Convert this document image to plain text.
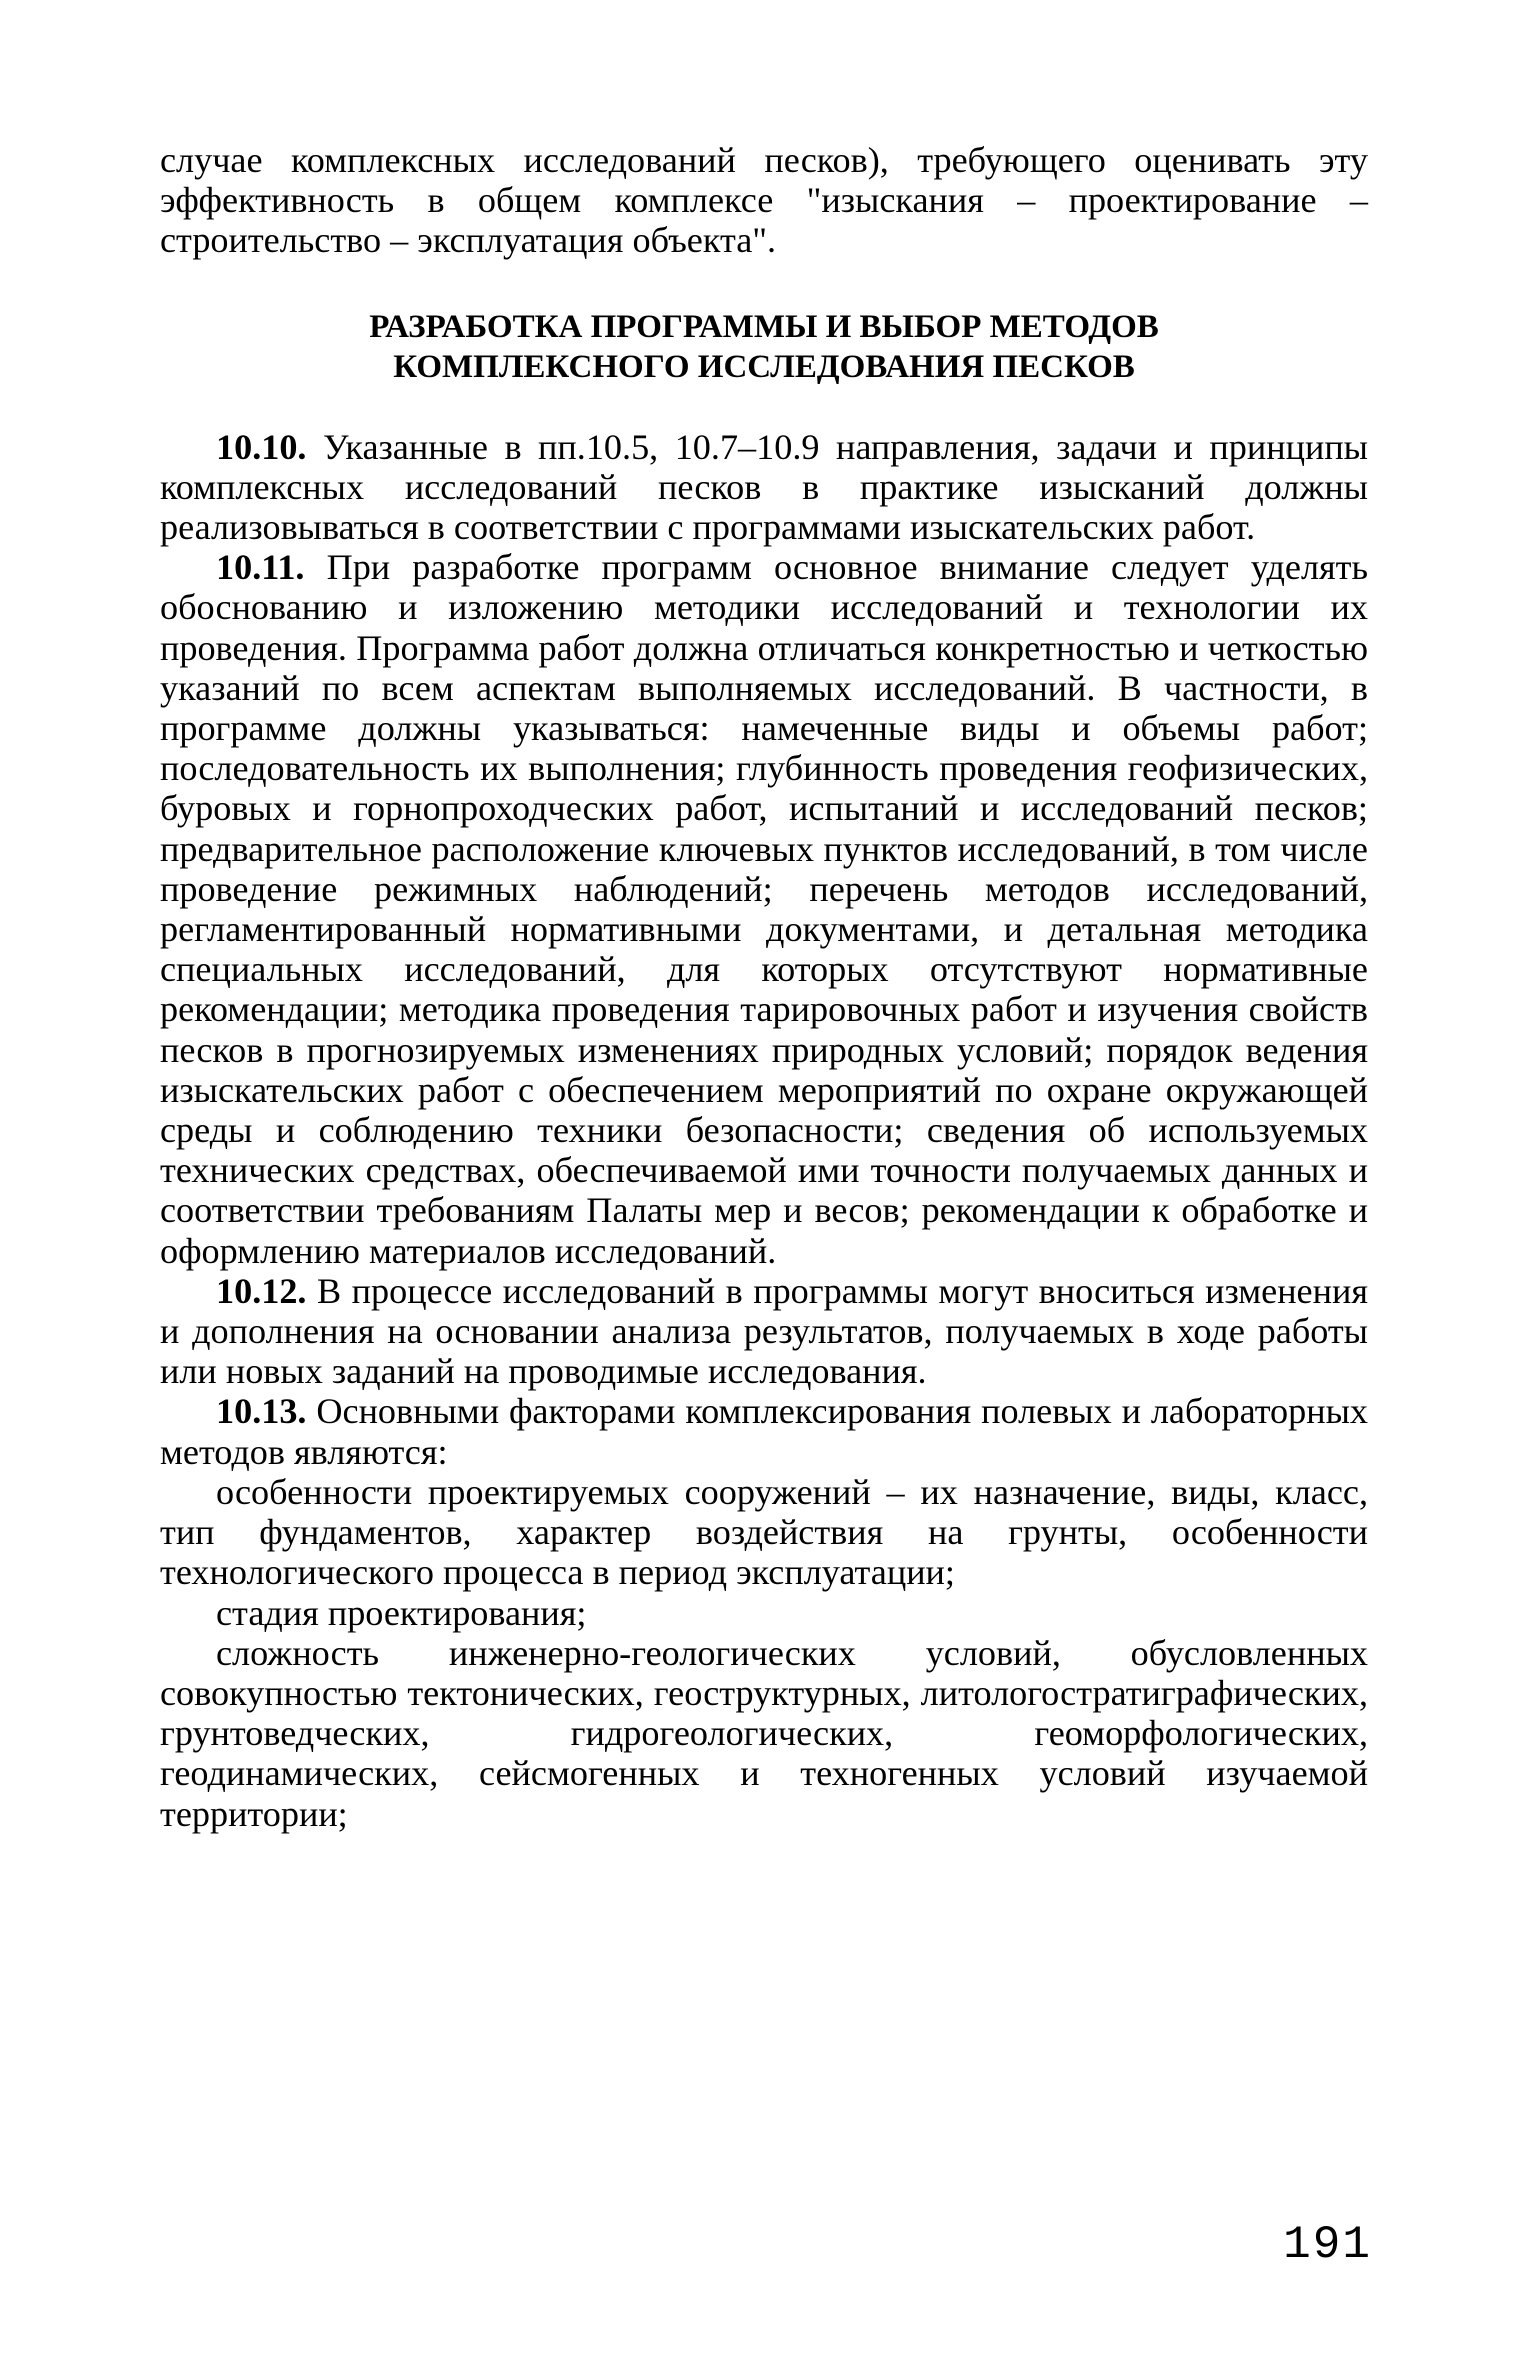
случае комплексных исследований песков), требующего оценивать эту эффективность в общем комплексе "изыскания – проектирование – строительство – эксплуатация объекта".

РАЗРАБОТКА ПРОГРАММЫ И ВЫБОР МЕТОДОВ
КОМПЛЕКСНОГО ИССЛЕДОВАНИЯ ПЕСКОВ

10.10. Указанные в пп.10.5, 10.7–10.9 направления, задачи и принципы комплексных исследований песков в практике изысканий должны реализовываться в соответствии с программами изыскательских работ.

10.11. При разработке программ основное внимание следует уделять обоснованию и изложению методики исследований и технологии их проведения. Программа работ должна отличаться конкретностью и четкостью указаний по всем аспектам выполняемых исследований. В частности, в программе должны указываться: намеченные виды и объемы работ; последовательность их выполнения; глубинность проведения геофизических, буровых и горнопроходческих работ, испытаний и исследований песков; предварительное расположение ключевых пунктов исследований, в том числе проведение режимных наблюдений; перечень методов исследований, регламентированный нормативными документами, и детальная методика специальных исследований, для которых отсутствуют нормативные рекомендации; методика проведения тарировочных работ и изучения свойств песков в прогнозируемых изменениях природных условий; порядок ведения изыскательских работ с обеспечением мероприятий по охране окружающей среды и соблюдению техники безопасности; сведения об используемых технических средствах, обеспечиваемой ими точности получаемых данных и соответствии требованиям Палаты мер и весов; рекомендации к обработке и оформлению материалов исследований.

10.12. В процессе исследований в программы могут вноситься изменения и дополнения на основании анализа результатов, получаемых в ходе работы или новых заданий на проводимые исследования.

10.13. Основными факторами комплексирования полевых и лабораторных методов являются:

особенности проектируемых сооружений – их назначение, виды, класс, тип фундаментов, характер воздействия на грунты, особенности технологического процесса в период эксплуатации;

стадия проектирования;

сложность инженерно-геологических условий, обусловленных совокупностью тектонических, геоструктурных, литологостратиграфических, грунтоведческих, гидрогеологических, геоморфологических, геодинамических, сейсмогенных и техногенных условий изучаемой территории;

191
